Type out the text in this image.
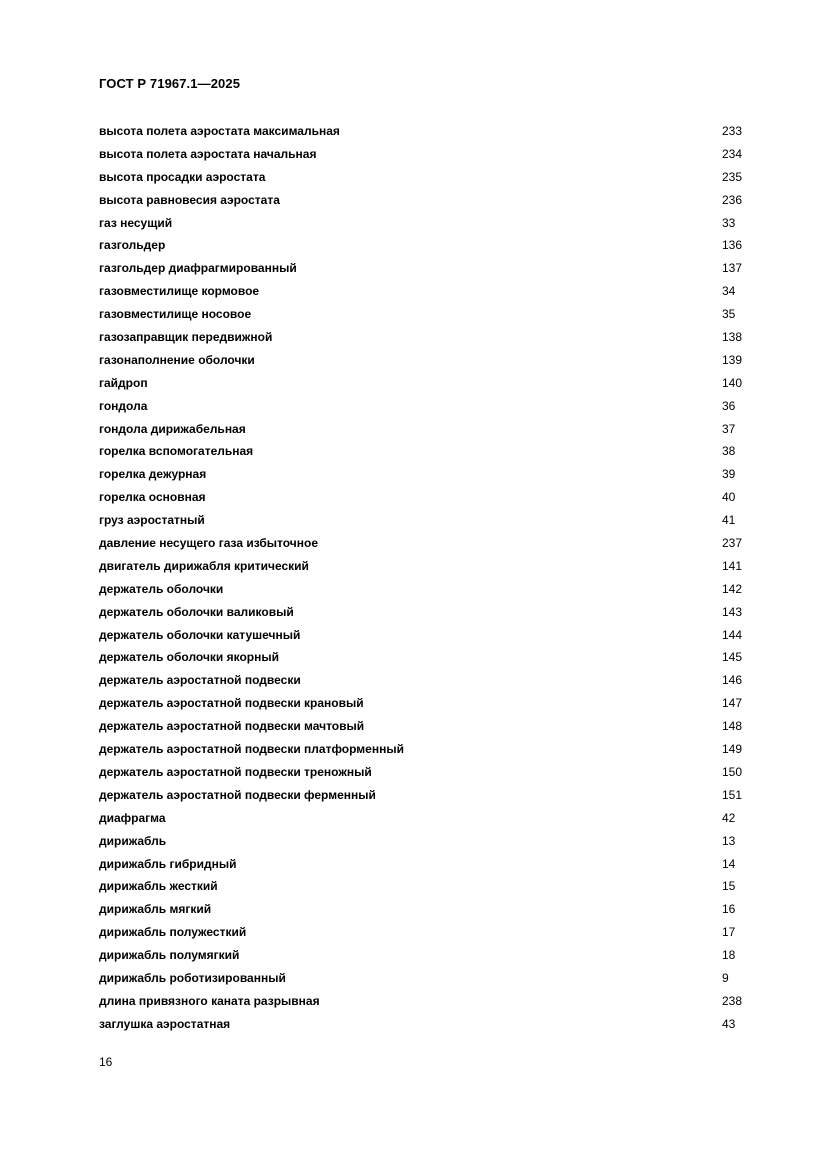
ГОСТ Р 71967.1—2025
высота полета аэростата максимальная	233
высота полета аэростата начальная	234
высота просадки аэростата	235
высота равновесия аэростата	236
газ несущий	33
газгольдер	136
газгольдер диафрагмированный	137
газовместилище кормовое	34
газовместилище носовое	35
газозаправщик передвижной	138
газонаполнение оболочки	139
гайдроп	140
гондола	36
гондола дирижабельная	37
горелка вспомогательная	38
горелка дежурная	39
горелка основная	40
груз аэростатный	41
давление несущего газа избыточное	237
двигатель дирижабля критический	141
держатель оболочки	142
держатель оболочки валиковый	143
держатель оболочки катушечный	144
держатель оболочки якорный	145
держатель аэростатной подвески	146
держатель аэростатной подвески крановый	147
держатель аэростатной подвески мачтовый	148
держатель аэростатной подвески платформенный	149
держатель аэростатной подвески треножный	150
держатель аэростатной подвески ферменный	151
диафрагма	42
дирижабль	13
дирижабль гибридный	14
дирижабль жесткий	15
дирижабль мягкий	16
дирижабль полужесткий	17
дирижабль полумягкий	18
дирижабль роботизированный	9
длина привязного каната разрывная	238
заглушка аэростатная	43
16
